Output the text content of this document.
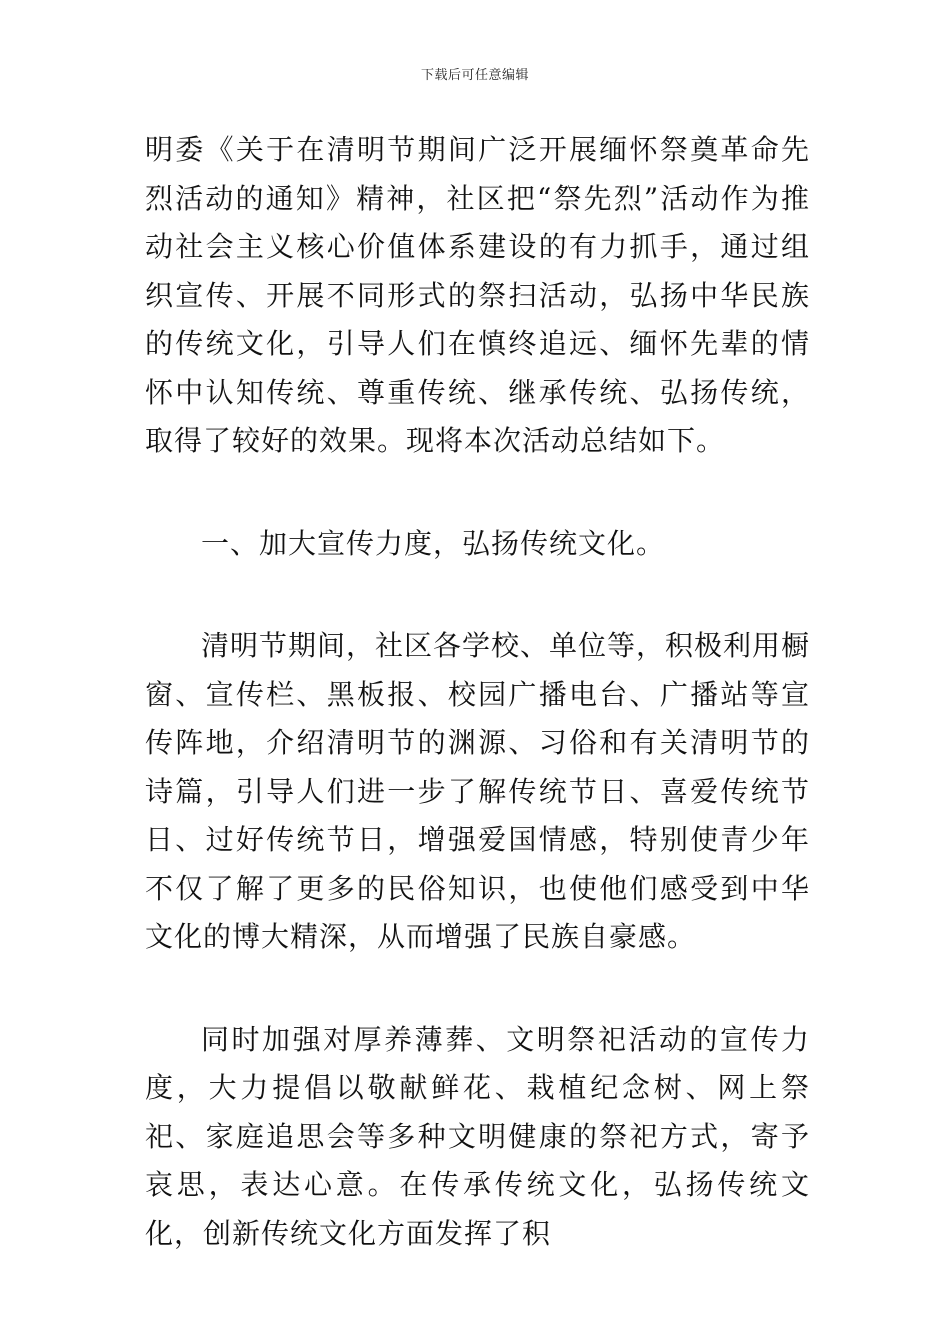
下载后可任意编辑

明委《关于在清明节期间广泛开展缅怀祭奠革命先烈活动的通知》精神，社区把“祭先烈”活动作为推动社会主义核心价值体系建设的有力抓手，通过组织宣传、开展不同形式的祭扫活动，弘扬中华民族的传统文化，引导人们在慎终追远、缅怀先辈的情怀中认知传统、尊重传统、继承传统、弘扬传统，取得了较好的效果。现将本次活动总结如下。

一、加大宣传力度，弘扬传统文化。

清明节期间，社区各学校、单位等，积极利用橱窗、宣传栏、黑板报、校园广播电台、广播站等宣传阵地，介绍清明节的渊源、习俗和有关清明节的诗篇，引导人们进一步了解传统节日、喜爱传统节日、过好传统节日，增强爱国情感，特别使青少年不仅了解了更多的民俗知识，也使他们感受到中华文化的博大精深，从而增强了民族自豪感。

同时加强对厚养薄葬、文明祭祀活动的宣传力度，大力提倡以敬献鲜花、栽植纪念树、网上祭祀、家庭追思会等多种文明健康的祭祀方式，寄予哀思，表达心意。在传承传统文化，弘扬传统文化，创新传统文化方面发挥了积
